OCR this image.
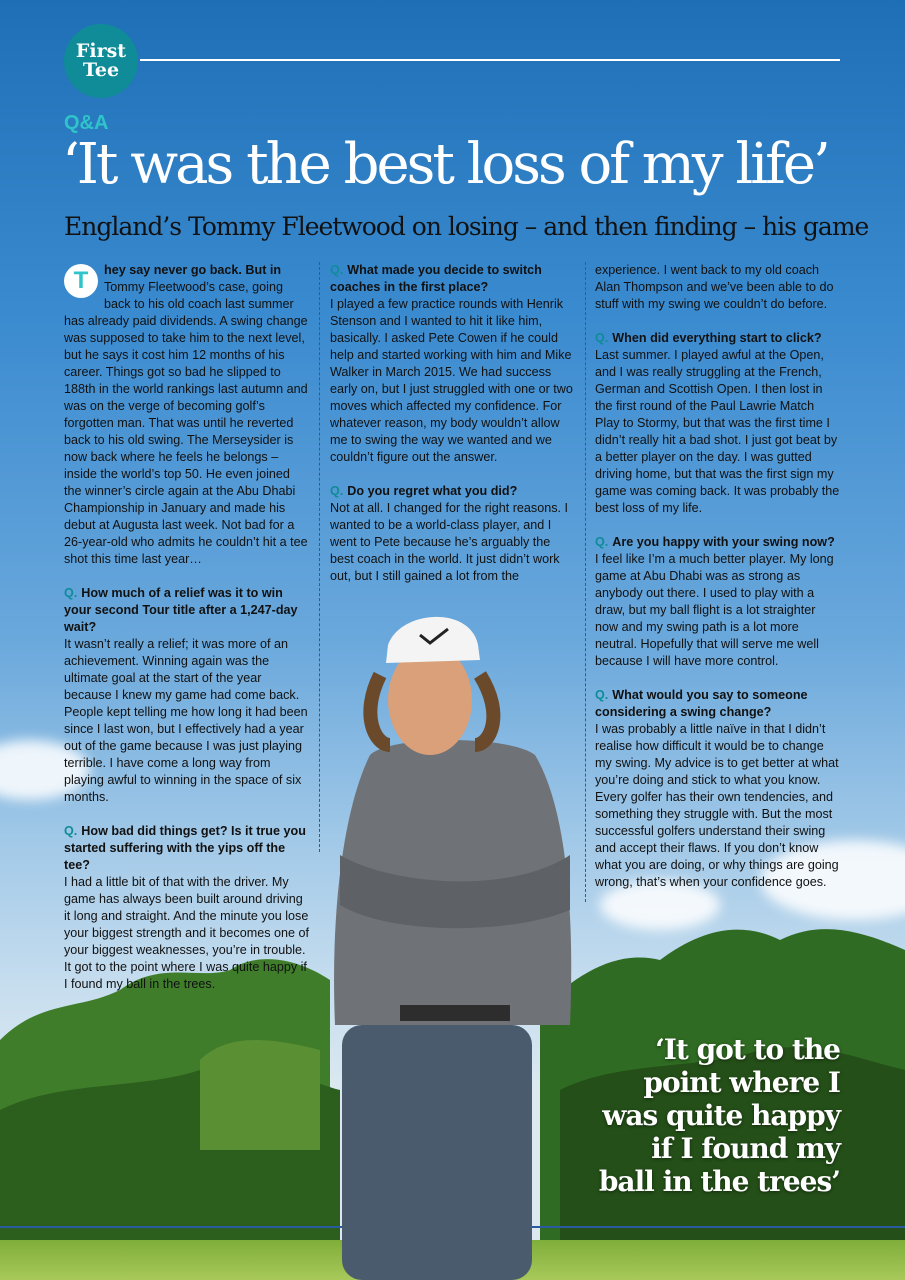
First
Tee
Q&A
‘It was the best loss of my life’
England’s Tommy Fleetwood on losing – and then finding – his game

T	hey say never go back. But in Tommy Fleetwood’s case, going back to his old coach last summer has already paid dividends. A swing change was supposed to take him to the next level, but he says it cost him 12 months of his career. Things got so bad he slipped to 188th in the world rankings last autumn and was on the verge of becoming golf’s forgotten man. That was until he reverted back to his old swing. The Merseysider is now back where he feels he belongs – inside the world’s top 50. He even joined the winner’s circle again at the Abu Dhabi Championship in January and made his debut at Augusta last week. Not bad for a 26-year-old who admits he couldn’t hit a tee shot this time last year…

Q. How much of a relief was it to win your second Tour title after a 1,247-day wait?
It wasn’t really a relief; it was more of an achievement. Winning again was the ultimate goal at the start of the year because I knew my game had come back. People kept telling me how long it had been since I last won, but I effectively had a year out of the game because I was just playing terrible. I have come a long way from playing awful to winning in the space of six months.

Q. How bad did things get? Is it true you started suffering with the yips off the tee?
I had a little bit of that with the driver. My game has always been built around driving it long and straight. And the minute you lose your biggest strength and it becomes one of your biggest weaknesses, you’re in trouble. It got to the point where I was quite happy if I found my ball in the trees.

Q. What made you decide to switch coaches in the first place?
I played a few practice rounds with Henrik Stenson and I wanted to hit it like him, basically. I asked Pete Cowen if he could help and started working with him and Mike Walker in March 2015. We had success early on, but I just struggled with one or two moves which affected my confidence. For whatever reason, my body wouldn’t allow me to swing the way we wanted and we couldn’t figure out the answer.

Q. Do you regret what you did?
Not at all. I changed for the right reasons. I wanted to be a world-class player, and I went to Pete because he’s arguably the best coach in the world. It just didn’t work out, but I still gained a lot from the

experience. I went back to my old coach Alan Thompson and we’ve been able to do stuff with my swing we couldn’t do before.

Q. When did everything start to click?
Last summer. I played awful at the Open, and I was really struggling at the French, German and Scottish Open. I then lost in the first round of the Paul Lawrie Match Play to Stormy, but that was the first time I didn’t really hit a bad shot. I just got beat by a better player on the day. I was gutted driving home, but that was the first sign my game was coming back. It was probably the best loss of my life.

Q. Are you happy with your swing now?
I feel like I’m a much better player. My long game at Abu Dhabi was as strong as anybody out there. I used to play with a draw, but my ball flight is a lot straighter now and my swing path is a lot more neutral. Hopefully that will serve me well because I will have more control.

Q. What would you say to someone considering a swing change?
I was probably a little naïve in that I didn’t realise how difficult it would be to change my swing. My advice is to get better at what you’re doing and stick to what you know. Every golfer has their own tendencies, and something they struggle with. But the most successful golfers understand their swing and accept their flaws. If you don’t know what you are doing, or why things are going wrong, that’s when your confidence goes.

‘It got to the
point where I
was quite happy
if I found my
ball in the trees’
